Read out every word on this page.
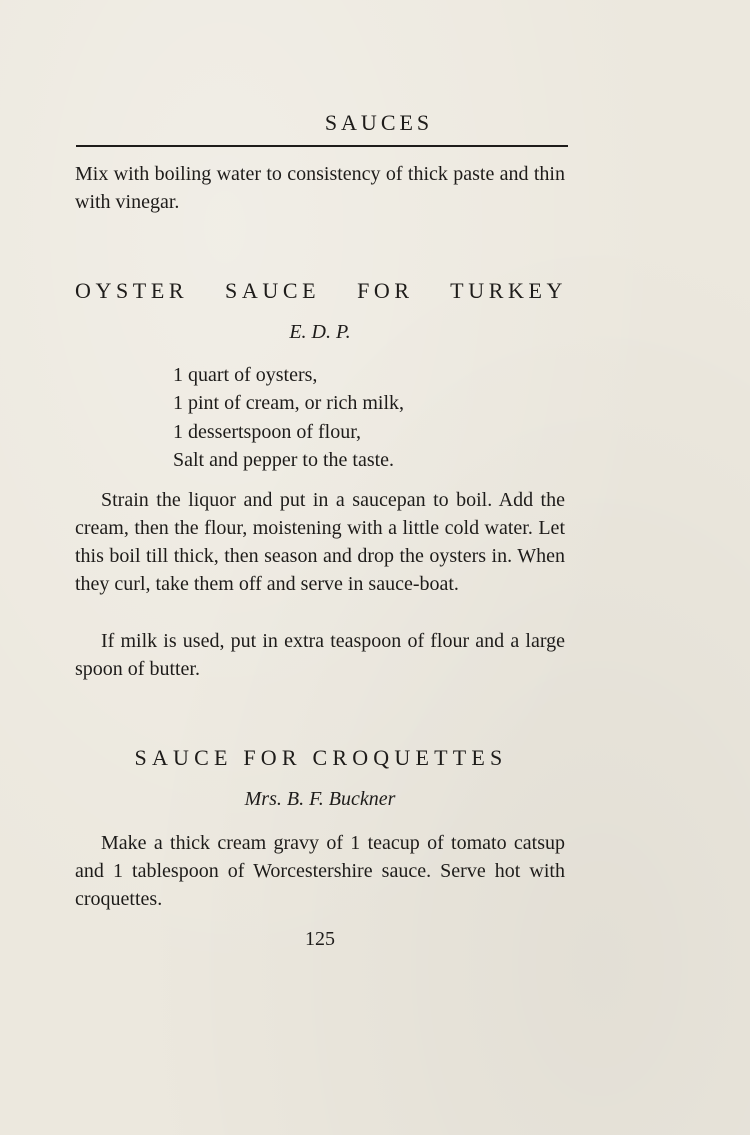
SAUCES
Mix with boiling water to consistency of thick paste and thin with vinegar.
OYSTER SAUCE FOR TURKEY
E. D. P.
1 quart of oysters,
1 pint of cream, or rich milk,
1 dessertspoon of flour,
Salt and pepper to the taste.
Strain the liquor and put in a saucepan to boil. Add the cream, then the flour, moistening with a little cold water. Let this boil till thick, then season and drop the oysters in. When they curl, take them off and serve in sauce-boat.
If milk is used, put in extra teaspoon of flour and a large spoon of butter.
SAUCE FOR CROQUETTES
Mrs. B. F. Buckner
Make a thick cream gravy of 1 teacup of tomato catsup and 1 tablespoon of Worcestershire sauce. Serve hot with croquettes.
125
